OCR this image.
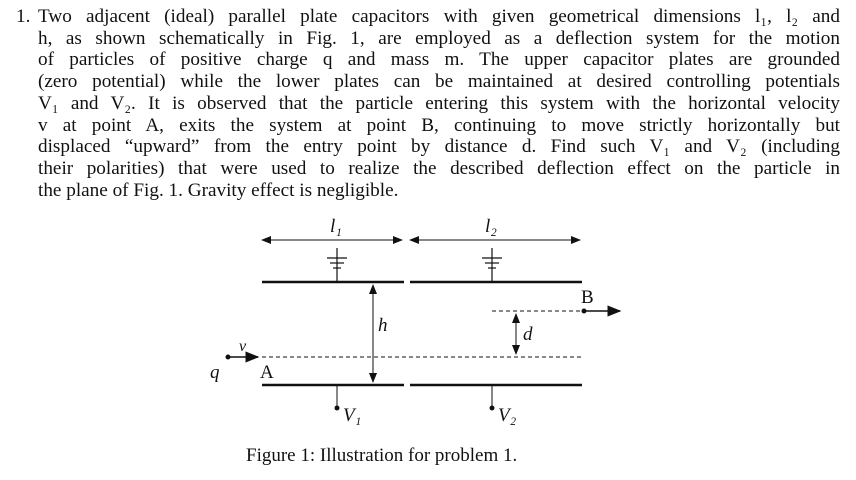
1. Two adjacent (ideal) parallel plate capacitors with given geometrical dimensions l₁, l₂ and
h, as shown schematically in Fig. 1, are employed as a deflection system for the motion
of particles of positive charge q and mass m. The upper capacitor plates are grounded
(zero potential) while the lower plates can be maintained at desired controlling potentials
V₁ and V₂. It is observed that the particle entering this system with the horizontal velocity
v at point A, exits the system at point B, continuing to move strictly horizontally but
displaced “upward” from the entry point by distance d. Find such V₁ and V₂ (including
their polarities) that were used to realize the described deflection effect on the particle in
the plane of Fig. 1. Gravity effect is negligible.
l₁	l₂
h	d
q
v
A
B
V₁	V₂
Figure 1: Illustration for problem 1.
